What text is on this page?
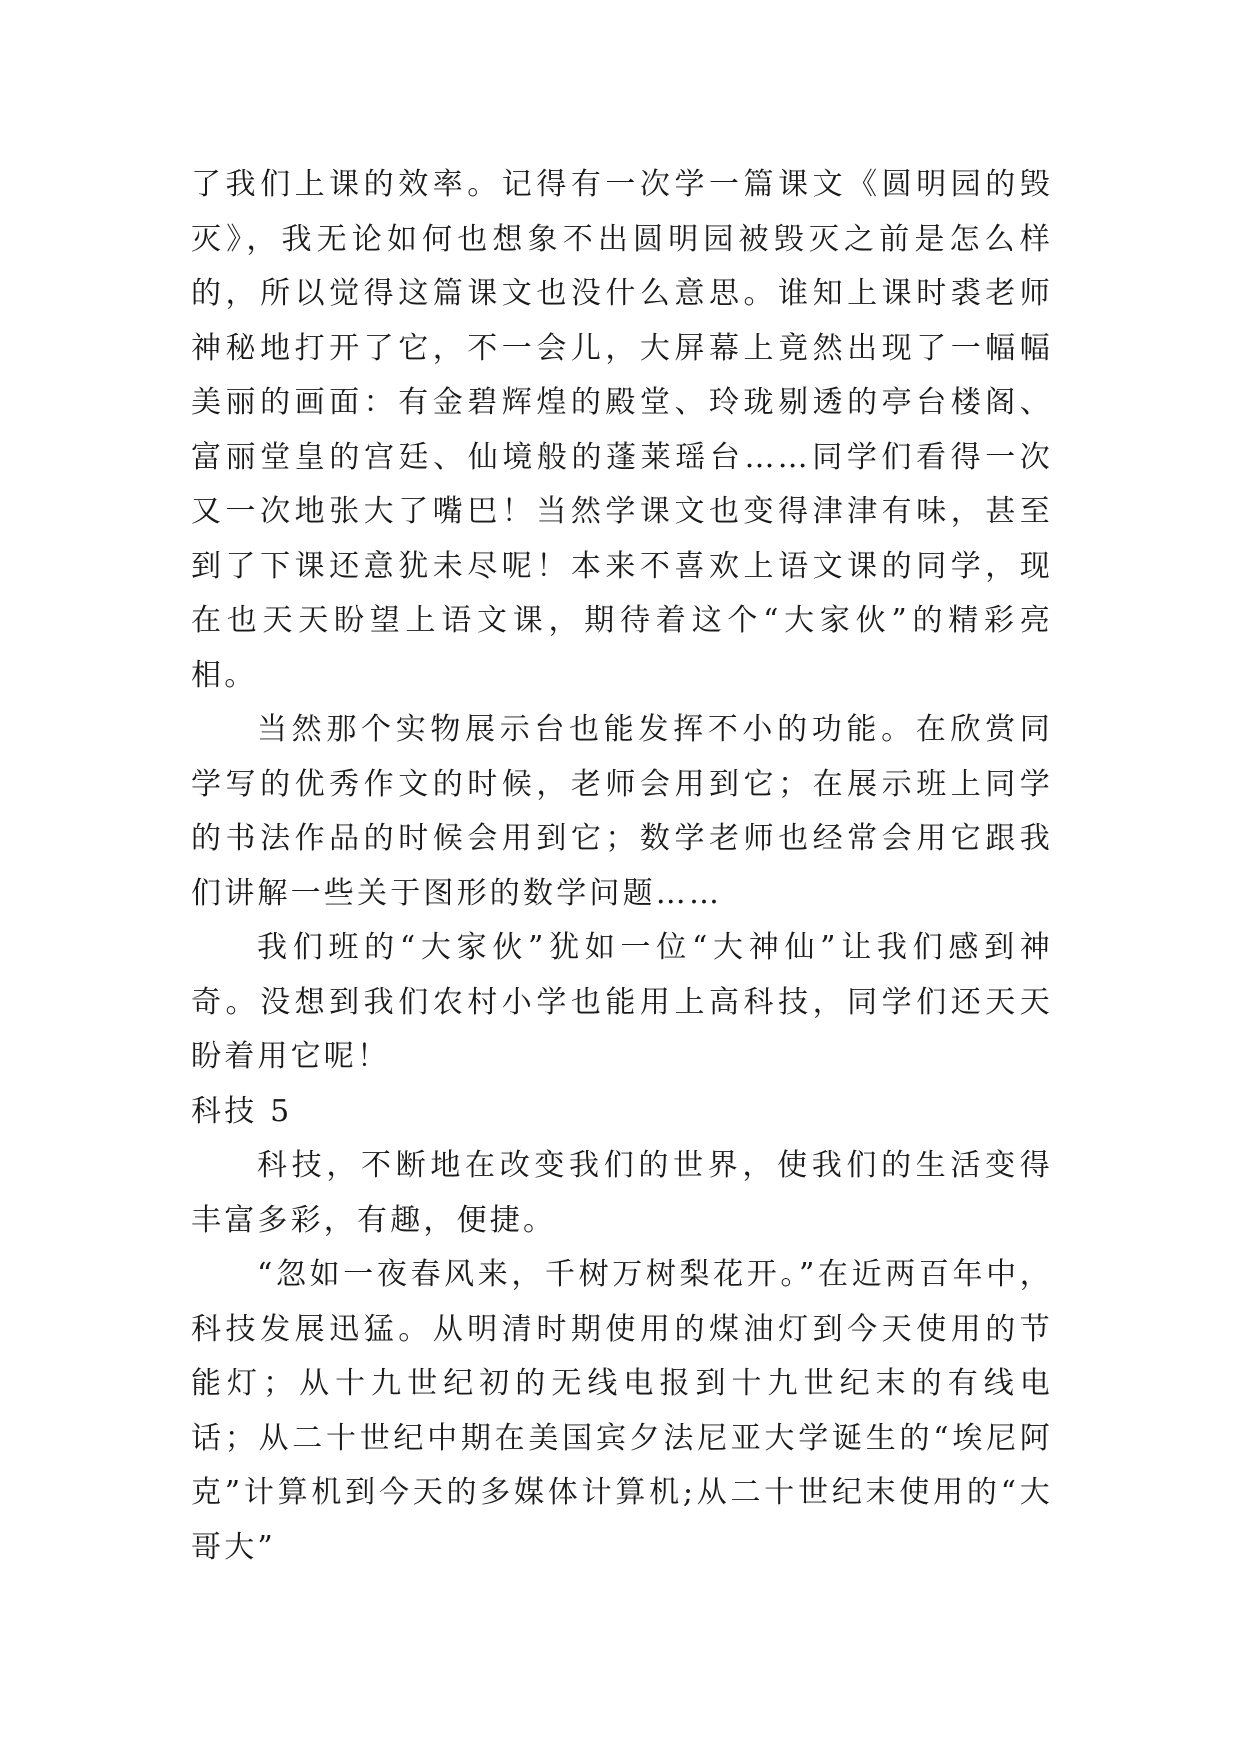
了我们上课的效率。记得有一次学一篇课文《圆明园的毁灭》，我无论如何也想象不出圆明园被毁灭之前是怎么样的，所以觉得这篇课文也没什么意思。谁知上课时裘老师神秘地打开了它，不一会儿，大屏幕上竟然出现了一幅幅美丽的画面：有金碧辉煌的殿堂、玲珑剔透的亭台楼阁、富丽堂皇的宫廷、仙境般的蓬莱瑶台……同学们看得一次又一次地张大了嘴巴！当然学课文也变得津津有味，甚至到了下课还意犹未尽呢！本来不喜欢上语文课的同学，现在也天天盼望上语文课，期待着这个“大家伙”的精彩亮相。

当然那个实物展示台也能发挥不小的功能。在欣赏同学写的优秀作文的时候，老师会用到它；在展示班上同学的书法作品的时候会用到它；数学老师也经常会用它跟我们讲解一些关于图形的数学问题……

我们班的“大家伙”犹如一位“大神仙”让我们感到神奇。没想到我们农村小学也能用上高科技，同学们还天天盼着用它呢！

科技 5

科技，不断地在改变我们的世界，使我们的生活变得丰富多彩，有趣，便捷。

“忽如一夜春风来，千树万树梨花开。”在近两百年中，科技发展迅猛。从明清时期使用的煤油灯到今天使用的节能灯；从十九世纪初的无线电报到十九世纪末的有线电话；从二十世纪中期在美国宾夕法尼亚大学诞生的“埃尼阿克”计算机到今天的多媒体计算机;从二十世纪末使用的“大哥大”
